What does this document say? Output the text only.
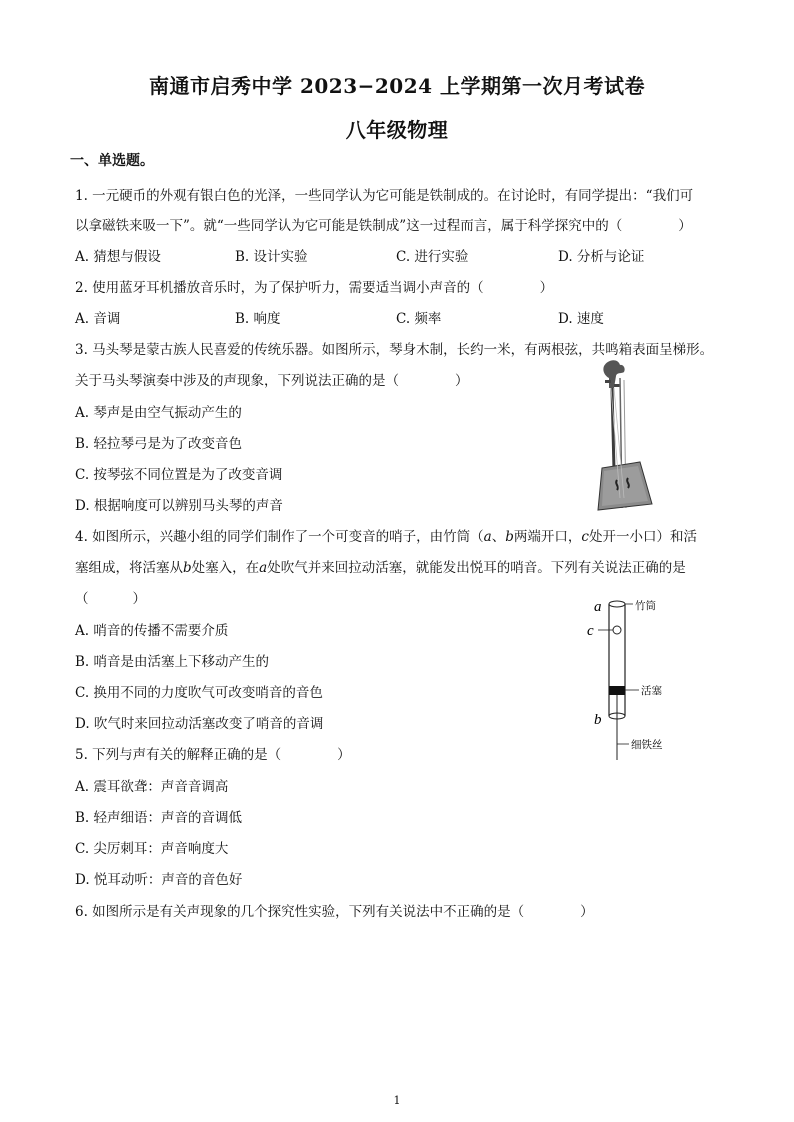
南通市启秀中学 2023−2024 上学期第一次月考试卷
八年级物理
一、单选题。
1. 一元硬币的外观有银白色的光泽，一些同学认为它可能是铁制成的。在讨论时，有同学提出：“我们可
以拿磁铁来吸一下”。就“一些同学认为它可能是铁制成”这一过程而言，属于科学探究中的（	）
A. 猜想与假设	B. 设计实验	C. 进行实验	D. 分析与论证
2. 使用蓝牙耳机播放音乐时，为了保护听力，需要适当调小声音的（	）
A. 音调	B. 响度	C. 频率	D. 速度
3. 马头琴是蒙古族人民喜爱的传统乐器。如图所示，琴身木制，长约一米，有两根弦，共鸣箱表面呈梯形。
关于马头琴演奏中涉及的声现象，下列说法正确的是（	）
A. 琴声是由空气振动产生的
B. 轻拉琴弓是为了改变音色
C. 按琴弦不同位置是为了改变音调
D. 根据响度可以辨别马头琴的声音
4. 如图所示，兴趣小组的同学们制作了一个可变音的哨子，由竹筒（a、b两端开口，c处开一小口）和活
塞组成，将活塞从b处塞入，在a处吹气并来回拉动活塞，就能发出悦耳的哨音。下列有关说法正确的是
（	）
A. 哨音的传播不需要介质
B. 哨音是由活塞上下移动产生的
C. 换用不同的力度吹气可改变哨音的音色
D. 吹气时来回拉动活塞改变了哨音的音调
a
c
b
竹筒
活塞
细铁丝
5. 下列与声有关的解释正确的是（	）
A. 震耳欲聋：声音音调高
B. 轻声细语：声音的音调低
C. 尖厉刺耳：声音响度大
D. 悦耳动听：声音的音色好
6. 如图所示是有关声现象的几个探究性实验，下列有关说法中不正确的是（	）
1
